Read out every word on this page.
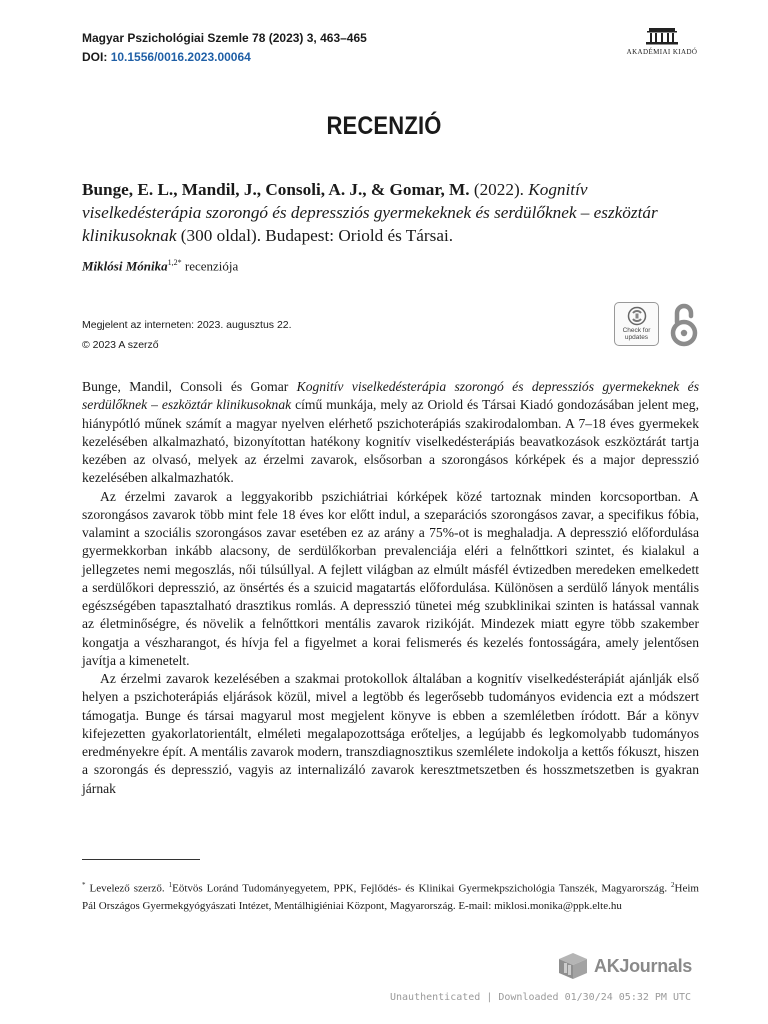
Magyar Pszichológiai Szemle 78 (2023) 3, 463–465
DOI: 10.1556/0016.2023.00064	AKADÉMIAI KIADÓ
RECENZIÓ
Bunge, E. L., Mandil, J., Consoli, A. J., & Gomar, M. (2022). Kognitív viselkedésterápia szorongó és depressziós gyermekeknek és serdülőknek – eszköztár klinikusoknak (300 oldal). Budapest: Oriold és Társai.
Miklósi Mónika$^{1,2*}$ recenziója
Megjelent az interneten: 2023. augusztus 22.
© 2023 A szerző
Check for
updates

Bunge, Mandil, Consoli és Gomar Kognitív viselkedésterápia szorongó és depressziós gyermekeknek és serdülőknek – eszköztár klinikusoknak című munkája, mely az Oriold és Társai Kiadó gondozásában jelent meg, hiánypótló műnek számít a magyar nyelven elérhető pszichoterápiás szakirodalomban. A 7–18 éves gyermekek kezelésében alkalmazható, bizonyítottan hatékony kognitív viselkedésterápiás beavatkozások eszköztárát tartja kezében az olvasó, melyek az érzelmi zavarok, elsősorban a szorongásos kórképek és a major depresszió kezelésében alkalmazhatók.

Az érzelmi zavarok a leggyakoribb pszichiátriai kórképek közé tartoznak minden korcsoportban. A szorongásos zavarok több mint fele 18 éves kor előtt indul, a szeparációs szorongásos zavar, a specifikus fóbia, valamint a szociális szorongásos zavar esetében ez az arány a 75%-ot is meghaladja. A depresszió előfordulása gyermekkorban inkább alacsony, de serdülőkorban prevalenciája eléri a felnőttkori szintet, és kialakul a jellegzetes nemi megoszlás, női túlsúllyal. A fejlett világban az elmúlt másfél évtizedben meredeken emelkedett a serdülőkori depresszió, az önsértés és a szuicid magatartás előfordulása. Különösen a serdülő lányok mentális egészségében tapasztalható drasztikus romlás. A depresszió tünetei még szubklinikai szinten is hatással vannak az életminőségre, és növelik a felnőttkori mentális zavarok rizikóját. Mindezek miatt egyre több szakember kongatja a vészharangot, és hívja fel a figyelmet a korai felismerés és kezelés fontosságára, amely jelentősen javítja a kimenetelt.

Az érzelmi zavarok kezelésében a szakmai protokollok általában a kognitív viselkedésterápiát ajánlják első helyen a pszichoterápiás eljárások közül, mivel a legtöbb és legerősebb tudományos evidencia ezt a módszert támogatja. Bunge és társai magyarul most megjelent könyve is ebben a szemléletben íródott. Bár a könyv kifejezetten gyakorlatorientált, elméleti megalapozottsága erőteljes, a legújabb és legkomolyabb tudományos eredményekre épít. A mentális zavarok modern, transzdiagnosztikus szemlélete indokolja a kettős fókuszt, hiszen a szorongás és depresszió, vagyis az internalizáló zavarok keresztmetszetben és hosszmetszetben is gyakran járnak

* Levelező szerző. $^1$Eötvös Loránd Tudományegyetem, PPK, Fejlődés- és Klinikai Gyermekpszichológia Tanszék, Magyarország. $^2$Heim Pál Országos Gyermekgyógyászati Intézet, Mentálhigiéniai Központ, Magyarország. E-mail: miklosi.monika@ppk.elte.hu
AKJournals
Unauthenticated | Downloaded 01/30/24 05:32 PM UTC
